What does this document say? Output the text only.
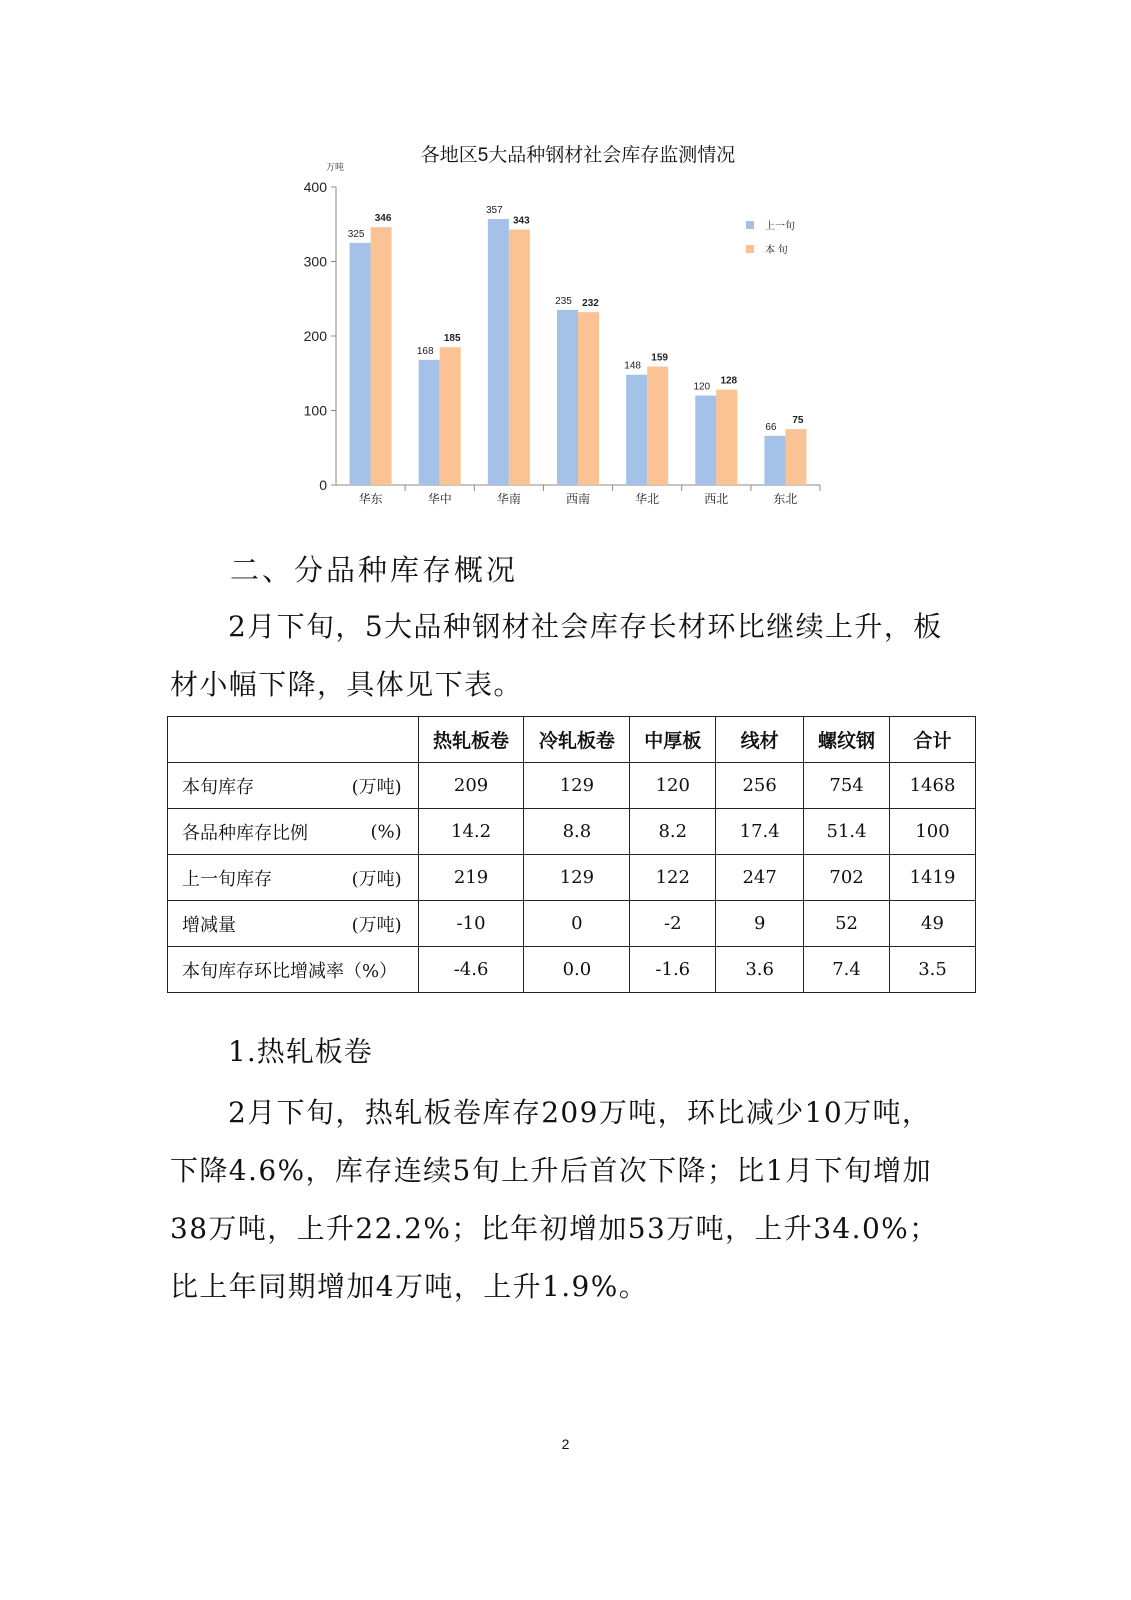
各地区5大品种钢材社会库存监测情况
万吨
0
100
200
300
400
325
346
华东
168
185
华中
357
343
华南
235 232
西南
148
159
华北
120
128
西北
66
75
东北
上一旬
本 旬
二、分品种库存概况

2月下旬，5大品种钢材社会库存长材环比继续上升，板材小幅下降，具体见下表。

	热轧板卷	冷轧板卷	中厚板	线材	螺纹钢	合计
本旬库存 (万吨)	209	129	120	256	754	1468
各品种库存比例 (%)	14.2	8.8	8.2	17.4	51.4	100
上一旬库存 (万吨)	219	129	122	247	702	1419
增减量 (万吨)	-10	0	-2	9	52	49
本旬库存环比增减率（%）	-4.6	0.0	-1.6	3.6	7.4	3.5
1.热轧板卷

2月下旬，热轧板卷库存209万吨，环比减少10万吨，下降4.6%，库存连续5旬上升后首次下降；比1月下旬增加38万吨，上升22.2%；比年初增加53万吨，上升34.0%；比上年同期增加4万吨，上升1.9%。

2
